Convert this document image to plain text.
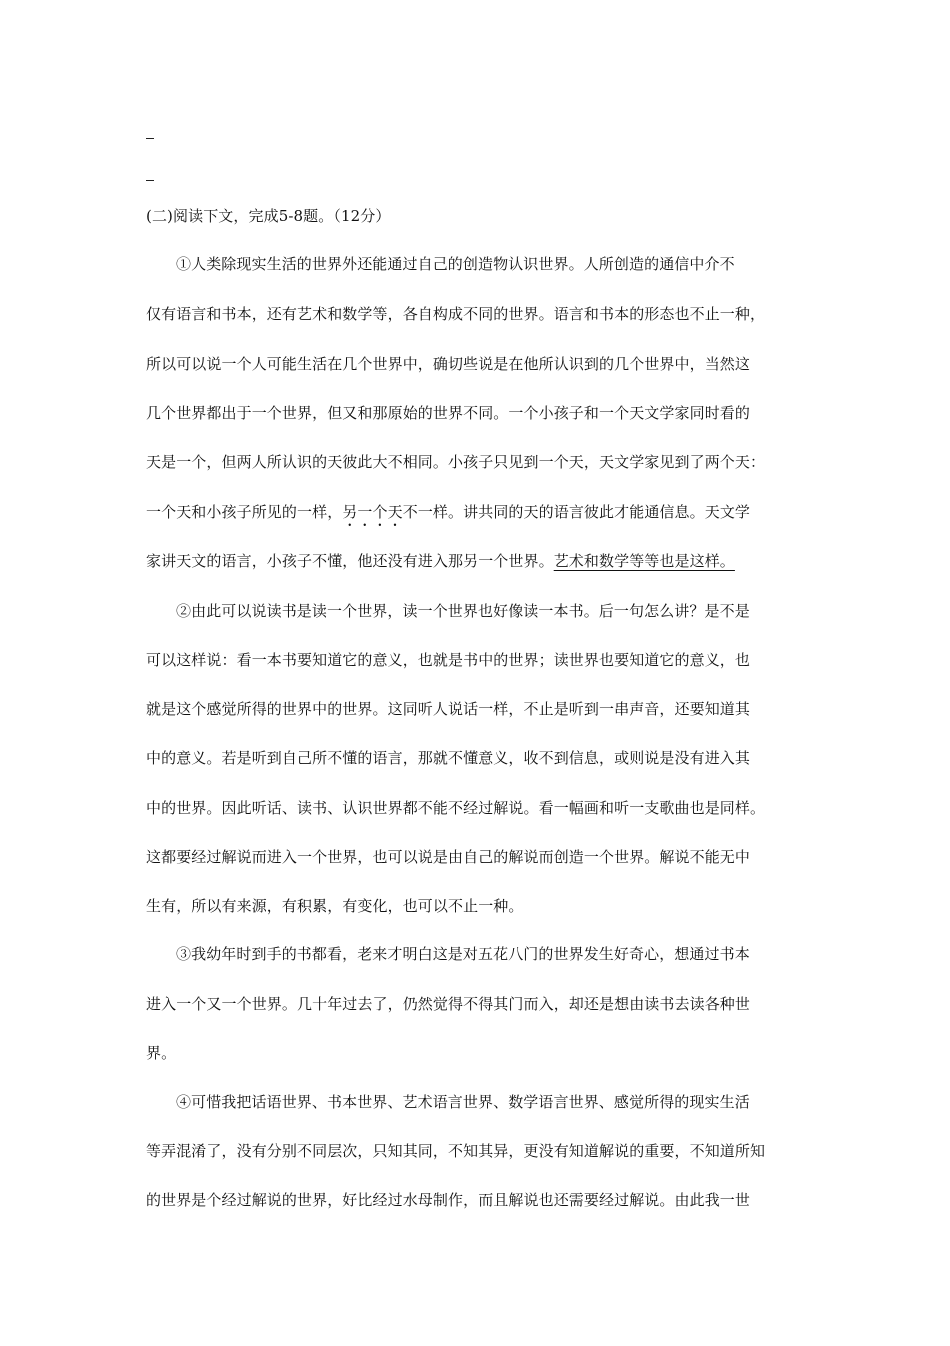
(二)阅读下文，完成5-8题。（12分）
①人类除现实生活的世界外还能通过自己的创造物认识世界。人所创造的通信中介不
仅有语言和书本，还有艺术和数学等，各自构成不同的世界。语言和书本的形态也不止一种，
所以可以说一个人可能生活在几个世界中，确切些说是在他所认识到的几个世界中，当然这
几个世界都出于一个世界，但又和那原始的世界不同。一个小孩子和一个天文学家同时看的
天是一个，但两人所认识的天彼此大不相同。小孩子只见到一个天，天文学家见到了两个天：
一个天和小孩子所见的一样，另一个天不一样。讲共同的天的语言彼此才能通信息。天文学
家讲天文的语言，小孩子不懂，他还没有进入那另一个世界。艺术和数学等等也是这样。
②由此可以说读书是读一个世界，读一个世界也好像读一本书。后一句怎么讲？是不是
可以这样说：看一本书要知道它的意义，也就是书中的世界；读世界也要知道它的意义，也
就是这个感觉所得的世界中的世界。这同听人说话一样，不止是听到一串声音，还要知道其
中的意义。若是听到自己所不懂的语言，那就不懂意义，收不到信息，或则说是没有进入其
中的世界。因此听话、读书、认识世界都不能不经过解说。看一幅画和听一支歌曲也是同样。
这都要经过解说而进入一个世界，也可以说是由自己的解说而创造一个世界。解说不能无中
生有，所以有来源，有积累，有变化，也可以不止一种。
③我幼年时到手的书都看，老来才明白这是对五花八门的世界发生好奇心，想通过书本
进入一个又一个世界。几十年过去了，仍然觉得不得其门而入，却还是想由读书去读各种世
界。
④可惜我把话语世界、书本世界、艺术语言世界、数学语言世界、感觉所得的现实生活
等弄混淆了，没有分别不同层次，只知其同，不知其异，更没有知道解说的重要，不知道所知
的世界是个经过解说的世界，好比经过水母制作，而且解说也还需要经过解说。由此我一世
